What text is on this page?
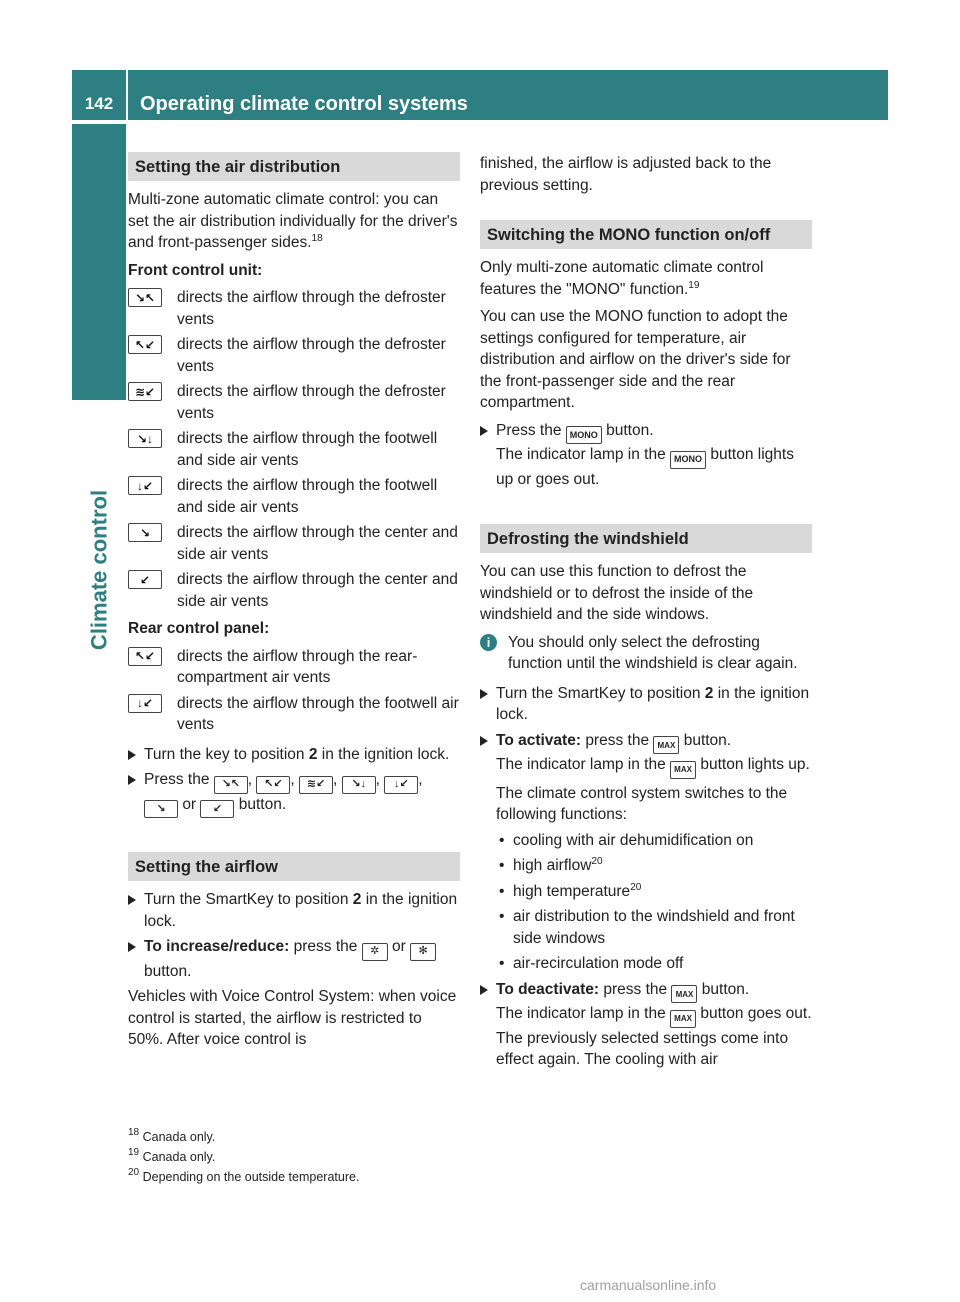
142	Operating climate control systems
Climate control
Setting the air distribution

Multi-zone automatic climate control: you can set the air distribution individually for the driver's and front-passenger sides.$^{18}$

Front control unit:

↘↖	directs the airflow through the defroster vents
↖↙	directs the airflow through the defroster vents
≋↙	directs the airflow through the defroster vents
↘↓	directs the airflow through the footwell and side air vents
↓↙	directs the airflow through the footwell and side air vents
↘	directs the airflow through the center and side air vents
↙	directs the airflow through the center and side air vents

Rear control panel:

↖↙	directs the airflow through the rear-compartment air vents
↓↙	directs the airflow through the footwell air vents
Turn the key to position 2 in the ignition lock.
Press the ↘↖ , ↖↙ , ≋↙ , ↘↓ , ↓↙ , ↘ or ↙ button.
Setting the airflow
Turn the SmartKey to position 2 in the ignition lock.
To increase/reduce: press the ✲ or ✻ button.

Vehicles with Voice Control System: when voice control is started, the airflow is restricted to 50%. After voice control is

finished, the airflow is adjusted back to the previous setting.

Switching the MONO function on/off

Only multi-zone automatic climate control features the "MONO" function.$^{19}$

You can use the MONO function to adopt the settings configured for temperature, air distribution and airflow on the driver's side for the front-passenger side and the rear compartment.

Press the MONO button.
The indicator lamp in the MONO button lights up or goes out.
Defrosting the windshield

You can use this function to defrost the windshield or to defrost the inside of the windshield and the side windows.

i	You should only select the defrosting function until the windshield is clear again.
Turn the SmartKey to position 2 in the ignition lock.
To activate: press the MAX button.
The indicator lamp in the MAX button lights up.
The climate control system switches to the following functions:
• cooling with air dehumidification on
• high airflow$^{20}$
• high temperature$^{20}$
• air distribution to the windshield and front side windows
• air-recirculation mode off
To deactivate: press the MAX button.
The indicator lamp in the MAX button goes out. The previously selected settings come into effect again. The cooling with air
$^{18}$ Canada only.
$^{19}$ Canada only.
$^{20}$ Depending on the outside temperature.
carmanualsonline.info
